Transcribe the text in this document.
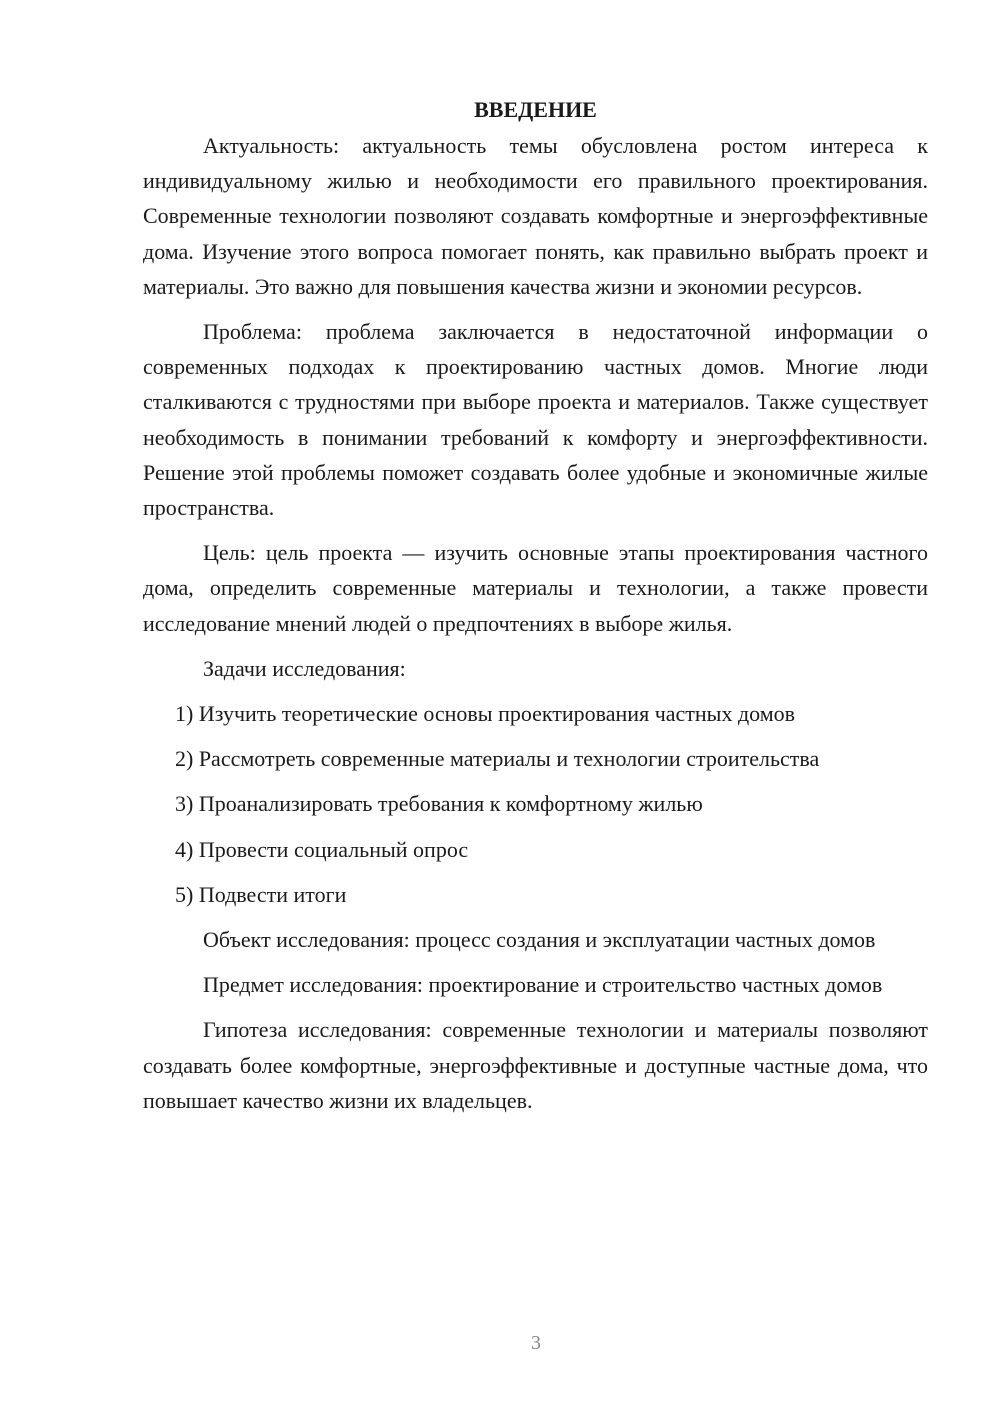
ВВЕДЕНИЕ

Актуальность: актуальность темы обусловлена ростом интереса к индивидуальному жилью и необходимости его правильного проектирования. Современные технологии позволяют создавать комфортные и энергоэффективные дома. Изучение этого вопроса помогает понять, как правильно выбрать проект и материалы. Это важно для повышения качества жизни и экономии ресурсов.

Проблема: проблема заключается в недостаточной информации о современных подходах к проектированию частных домов. Многие люди сталкиваются с трудностями при выборе проекта и материалов. Также существует необходимость в понимании требований к комфорту и энергоэффективности. Решение этой проблемы поможет создавать более удобные и экономичные жилые пространства.

Цель: цель проекта — изучить основные этапы проектирования частного дома, определить современные материалы и технологии, а также провести исследование мнений людей о предпочтениях в выборе жилья.

Задачи исследования:

1) Изучить теоретические основы проектирования частных домов

2) Рассмотреть современные материалы и технологии строительства

3) Проанализировать требования к комфортному жилью

4) Провести социальный опрос

5) Подвести итоги

Объект исследования: процесс создания и эксплуатации частных домов

Предмет исследования: проектирование и строительство частных домов

Гипотеза исследования: современные технологии и материалы позволяют создавать более комфортные, энергоэффективные и доступные частные дома, что повышает качество жизни их владельцев.

3
